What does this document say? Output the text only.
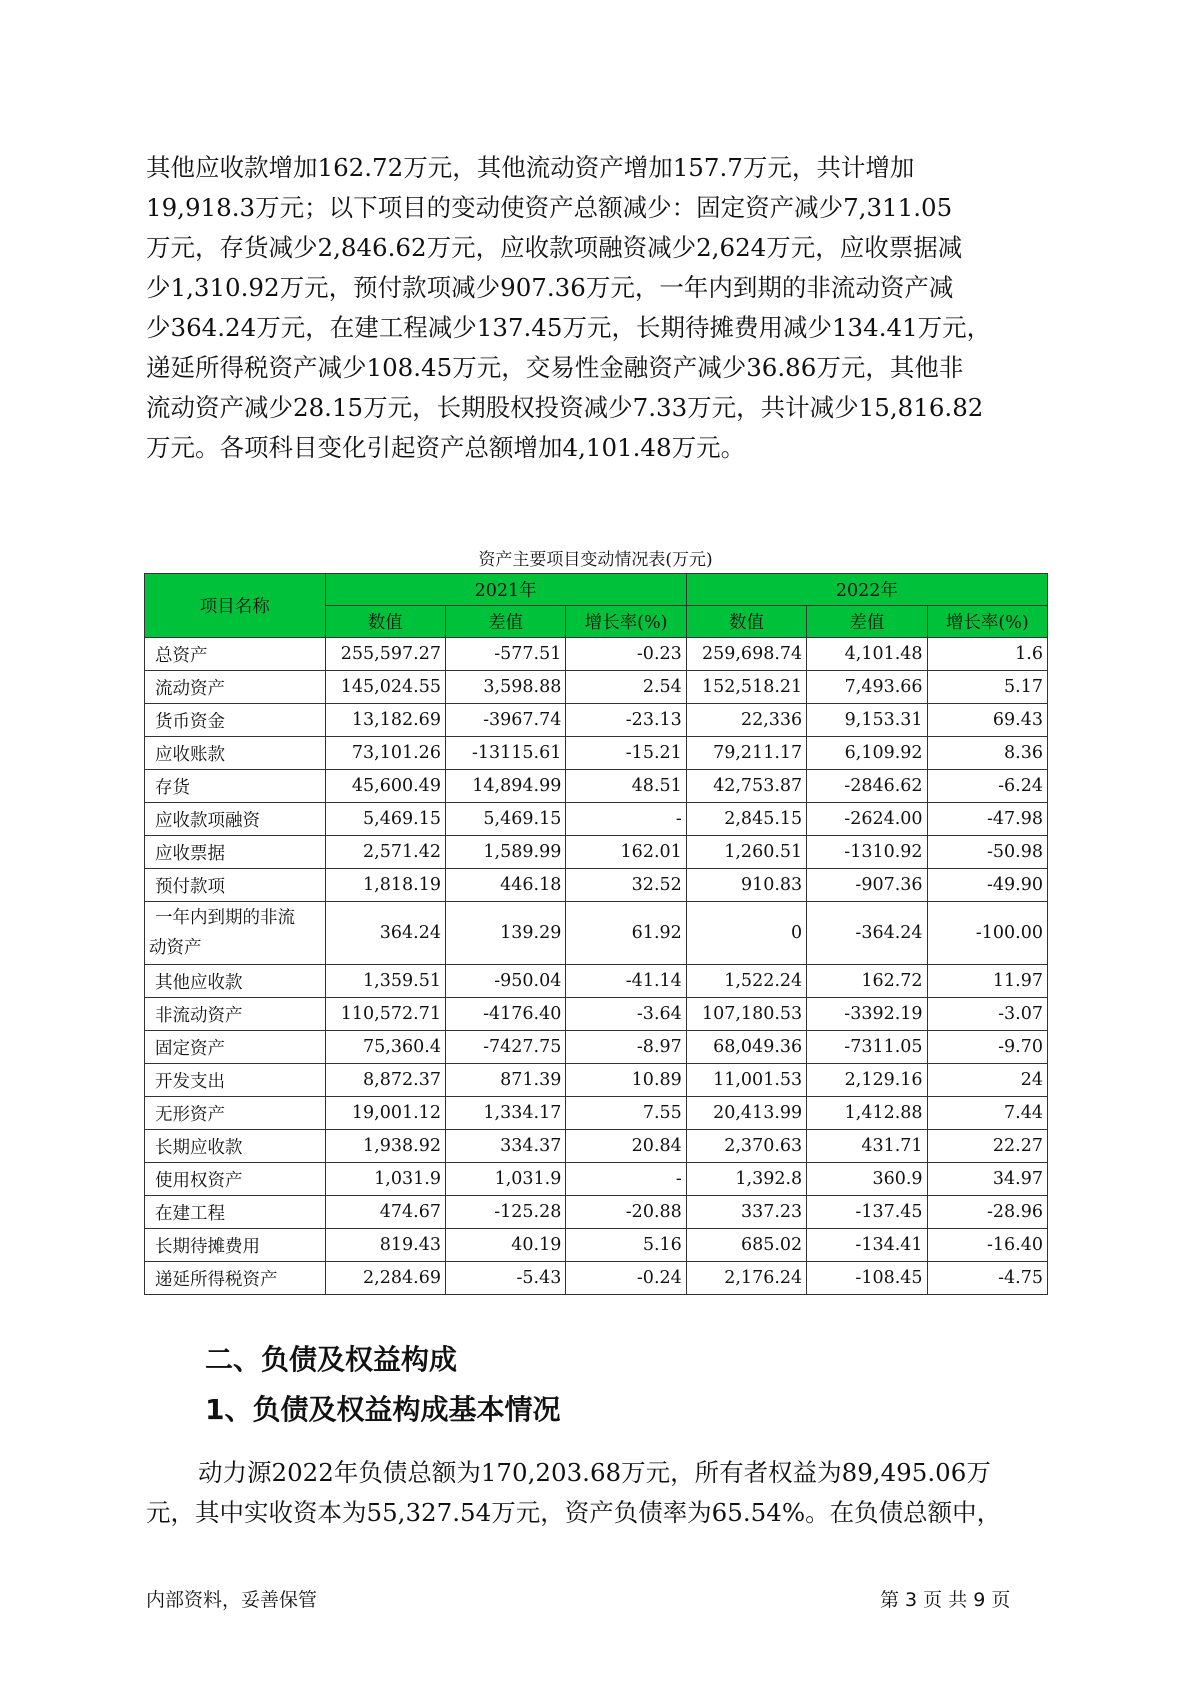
其他应收款增加162.72万元，其他流动资产增加157.7万元，共计增加

19,918.3万元；以下项目的变动使资产总额减少：固定资产减少7,311.05

万元，存货减少2,846.62万元，应收款项融资减少2,624万元，应收票据减

少1,310.92万元，预付款项减少907.36万元，一年内到期的非流动资产减

少364.24万元，在建工程减少137.45万元，长期待摊费用减少134.41万元，

递延所得税资产减少108.45万元，交易性金融资产减少36.86万元，其他非

流动资产减少28.15万元，长期股权投资减少7.33万元，共计减少15,816.82

万元。各项科目变化引起资产总额增加4,101.48万元。

资产主要项目变动情况表(万元)
项目名称	2021年			2022年		
	数值	差值	增长率(%)	数值	差值	增长率(%)
总资产	255,597.27	-577.51	-0.23	259,698.74	4,101.48	1.6
流动资产	145,024.55	3,598.88	2.54	152,518.21	7,493.66	5.17
货币资金	13,182.69	-3967.74	-23.13	22,336	9,153.31	69.43
应收账款	73,101.26	-13115.61	-15.21	79,211.17	6,109.92	8.36
存货	45,600.49	14,894.99	48.51	42,753.87	-2846.62	-6.24
应收款项融资	5,469.15	5,469.15	-	2,845.15	-2624.00	-47.98
应收票据	2,571.42	1,589.99	162.01	1,260.51	-1310.92	-50.98
预付款项	1,818.19	446.18	32.52	910.83	-907.36	-49.90

一年内到期的非流
动资产	364.24	139.29	61.92	0	-364.24	-100.00
其他应收款	1,359.51	-950.04	-41.14	1,522.24	162.72	11.97
非流动资产	110,572.71	-4176.40	-3.64	107,180.53	-3392.19	-3.07
固定资产	75,360.4	-7427.75	-8.97	68,049.36	-7311.05	-9.70
开发支出	8,872.37	871.39	10.89	11,001.53	2,129.16	24
无形资产	19,001.12	1,334.17	7.55	20,413.99	1,412.88	7.44
长期应收款	1,938.92	334.37	20.84	2,370.63	431.71	22.27
使用权资产	1,031.9	1,031.9	-	1,392.8	360.9	34.97
在建工程	474.67	-125.28	-20.88	337.23	-137.45	-28.96
长期待摊费用	819.43	40.19	5.16	685.02	-134.41	-16.40
递延所得税资产	2,284.69	-5.43	-0.24	2,176.24	-108.45	-4.75
二、负债及权益构成
1、负债及权益构成基本情况

动力源2022年负债总额为170,203.68万元，所有者权益为89,495.06万

元，其中实收资本为55,327.54万元，资产负债率为65.54%。在负债总额中，

内部资料，妥善保管	第 3 页 共 9 页
